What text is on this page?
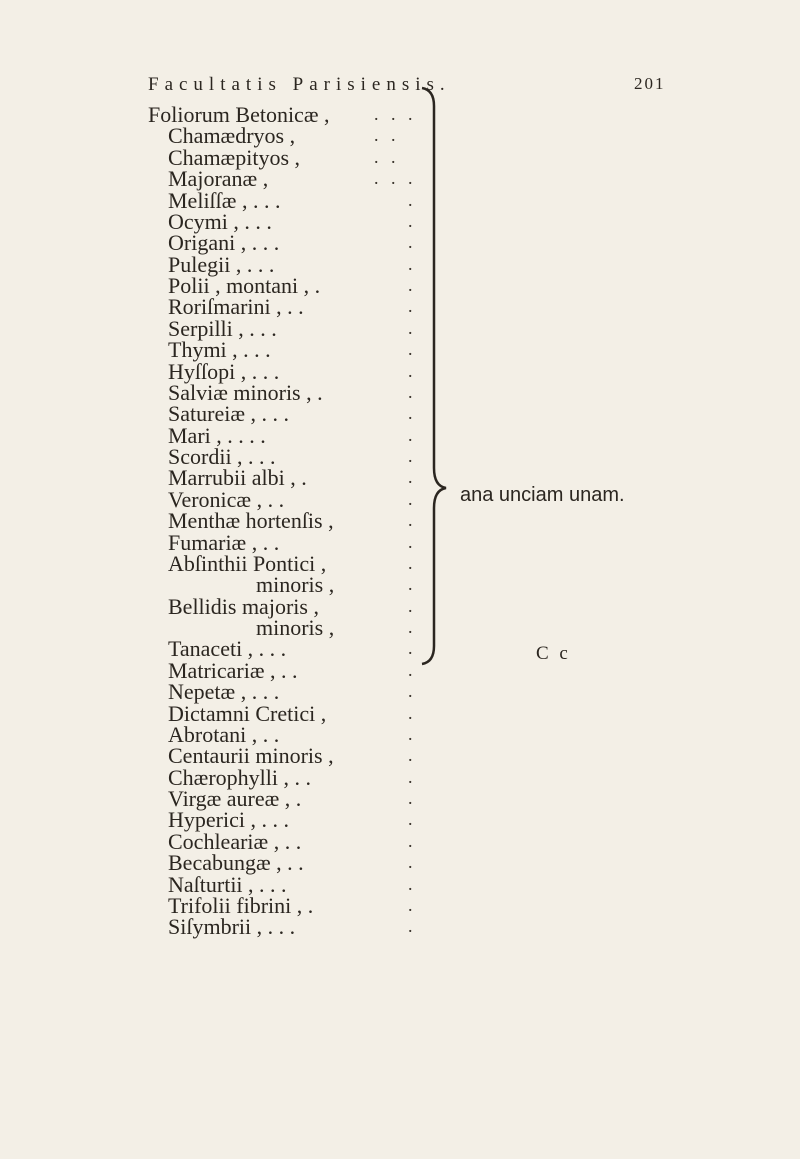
Facultatis Parisiensis.	201
Foliorum Betonicæ , . . .
Chamædryos ,	. .
Chamæpityos ,	. .
Majoranæ ,	. . .
Meliſſæ , . . .	.
Ocymi , . . .	.
Origani , . . .	.
Pulegii , . . .	.
Polii , montani , .	.
Roriſmarini , . .	.
Serpilli , . . .	.
Thymi , . . .	.
Hyſſopi , . . .	.
Salviæ minoris , .	.
Satureiæ , . . .	.
Mari , . . . .	.
Scordii , . . .	.
Marrubii albi , .	.
Veronicæ , . .	.
Menthæ hortenſis ,	.
Fumariæ , . .	.
Abſinthii Pontici ,	.
minoris ,	.
Bellidis majoris ,	.
minoris ,	.
Tanaceti , . . .	.
Matricariæ , . .	.
Nepetæ , . . .	.
Dictamni Cretici ,	.
Abrotani , . .	.
Centaurii minoris ,	.
Chærophylli , . .	.
Virgæ aureæ , .	.
Hyperici , . . .	.
Cochleariæ , . .	.
Becabungæ , . .	.
Naſturtii , . . .	.
Trifolii fibrini , .	.
Siſymbrii , . . .	.
ana unciam unam.
C c
